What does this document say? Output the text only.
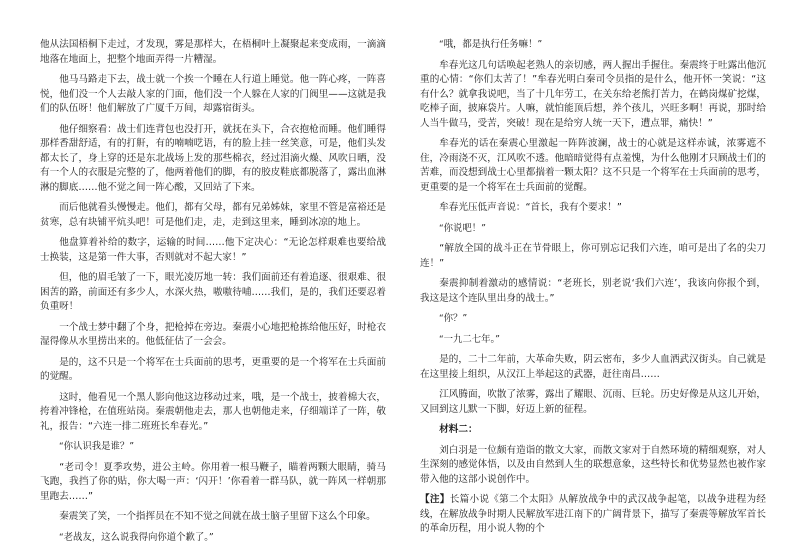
他从法国梧桐下走过，才发现，雾是那样大，在梧桐叶上凝聚起来变成雨，一滴滴地落在地面上，把整个地面弄得一片糟湿。

他马马路走下去，战士就一个挨一个睡在人行道上睡觉。他一阵心疼，一阵喜悦，他们没一个人去敲人家的门面，他们没一个人躲在人家的门阀里——这就是我们的队伍呀！他们解放了广厦千万间，却露宿街头。

他仔细察看：战士们连背包也没打开，就抚在头下，合衣抱枪而睡。他们睡得那样香甜舒适，有的打鼾，有的喃喃呓语，有的脸上挂一丝笑意，可是，他们头发都太长了，身上穿的还是东北战场上发的那些棉衣，经过泪滴火燥、风吹日晒，没有一个人的衣服是完整的了，他两着他们的脚，有的胶皮鞋底都脱落了，露出血淋淋的脚底……他不觉之间一阵心酸，又回站了下来。

而后他就看头慢慢走。他们，都有父母，都有兄弟姊妹，家里不管是富裕还是贫寒，总有块铺平炕头吧！可是他们走，走，走到这里来，睡到冰凉的地上。

他盘算着补给的数字，运输的时间……他下定决心：“无论怎样艰难也要给战士换装，这是第一件大事，否则就对不起大家！”

但，他的眉毛皱了一下，眼光凌厉地一转：我们面前还有着追逐、很艰难、很困苦的路，前面还有多少人，水深火热，嗷嗷待哺……我们，是的，我们还要忍着负重呀！

一个战士梦中翻了个身，把枪掉在旁边。秦震小心地把枪拣给他压好，时枪衣湿得像从水里捞出来的。他低征估了一会会。

是的，这不只是一个将军在士兵面前的思考，更重要的是一个将军在士兵面前的觉醒。

这时，他看见一个黑人影向他这边移动过来，哦，是一个战士，披着棉大衣，挎着冲锋枪，在值班站岗。秦震朝他走去，那人也朝他走来，仔细端详了一阵，敬礼，报告：“六连一排二班班长牟春光。”

“你认识我是谁？”

“老司令！夏季攻势，进公主岭。你用着一根马鞭子，瞄着两颗大眼睛，骑马飞跑，我挡了你的贴，你大喝一声：‘闪开！’你看着一群马队，就一阵风一样朝那里跑去……”

秦震笑了笑，一个指挥员在不知不觉之间就在战士脑子里留下这么个印象。

“老战友，这么说我得向你道个歉了。”

“哦，都是执行任务嘛！”

牟春光这几句话唤起老熟人的亲切感，两人握出手握住。秦震终于吐露出他沉重的心情：“你们太苦了！”牟春光明白秦司令员指的是什么，他开怀一笑说：“这有什么？就拿我说吧，当了十几年劳工，在关东给老熊打苦力，在鹤岗煤矿挖煤，吃棒子面，披麻袋片。人嘛，就怕能顶后想，养个孩儿，兴旺多啊！再说，那时给人当牛做马，受苦，突破！现在是给穷人统一天下，遭点罪，痛快！”

牟春光的话在秦震心里激起一阵阵波澜，战士的心就是这样赤诚，浓雾遮不住，冷雨浇不灭，江风吹不透。他暗暗觉得有点羞愧，为什么他刚才只顾战士们的苦难，而没想到战士心里都揣着一颗太阳？这不只是一个将军在士兵面前的思考，更重要的是一个将军在士兵面前的觉醒。

牟春光压低声音说：“首长，我有个要求！”

“你说吧！”

“解放全国的战斗正在节骨眼上，你可别忘记我们六连，咱可是出了名的尖刀连！”

秦震抑制着激动的感情说：“老班长，别老说‘我们六连’，我该向你报个到，我这是这个连队里出身的战士。”

“你？”

“一九二七年。”

是的，二十二年前，大革命失败，阴云密布，多少人血洒武汉街头。自己就是在这里接上组织，从汉江上举起这的武器，赶往南昌……

江风腾面，吹散了浓雾，露出了耀眼、沉雨、巨轮。历史好像是从这儿开始，又回到这儿默一下脚，好迈上新的征程。

材料二：

刘白羽是一位颇有造诣的散文大家，而散文家对于自然环境的精细观察，对人生深刻的感觉体悟，以及由自然到人生的联想意象，这些特长和优势显然也被作家带入他的这部小说创作中。

【注】长篇小说《第二个太阳》从解放战争中的武汉战争起笔，以战争进程为经线，在解放战争时期人民解放军进江南下的广阔背景下，描写了秦震等解放军首长的革命历程，用小说人物的个
